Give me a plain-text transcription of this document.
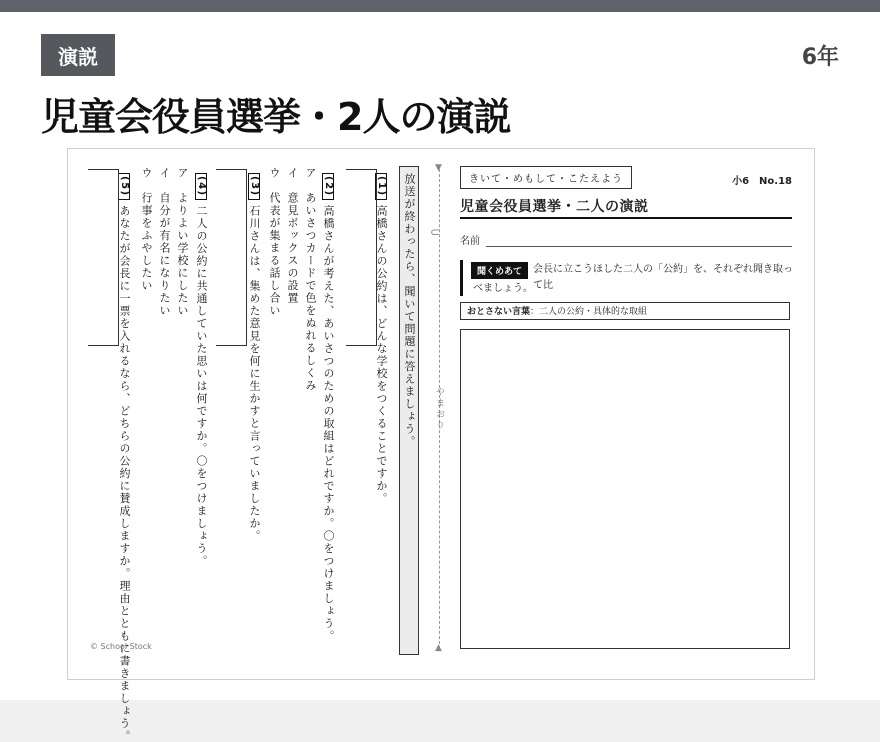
演説	6年
児童会役員選挙・2人の演説
放送が終わったら、聞いて問題に答えましょう。
(1) 高橋さんの公約は、どんな学校をつくることですか。
(2) 高橋さんが考えた、あいさつのための取組はどれですか。〇をつけましょう。
ア　あいさつカードで色をぬれるしくみ
イ　意見ボックスの設置
ウ　代表が集まる話し合い
(3) 石川さんは、集めた意見を何に生かすと言っていましたか。
(4) 二人の公約に共通していた思いは何ですか。〇をつけましょう。
ア　よりよい学校にしたい
イ　自分が有名になりたい
ウ　行事をふやしたい
(5) あなたが会長に一票を入れるなら、どちらの公約に賛成しますか。理由とともに書きましょう。
© School Stock
▼
▲
⊂
やまおり
きいて・めもして・こたえよう	小6　No.18
児童会役員選挙・二人の演説
名前
聞くめあて	会長に立こうほした二人の「公約」を、それぞれ聞き取って比
べましょう。
おとさない言葉：二人の公約・具体的な取組
